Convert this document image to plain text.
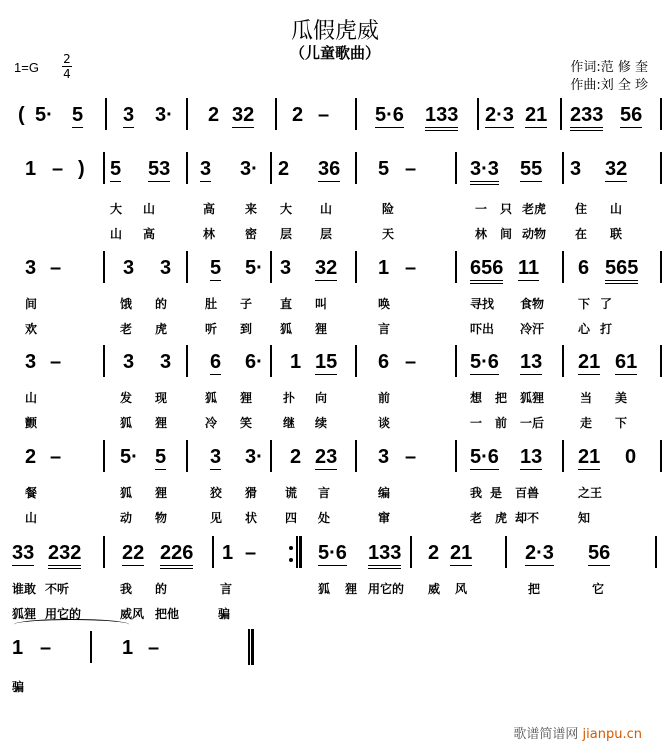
瓜假虎威
（儿童歌曲）
1=G
2
4	作词:范 修 奎
作曲:刘 全 珍
( 5· 5 3 3· 2 32 2 – 5·6 133 2·3 21 233 56
1 – ) 5 53 3 3· 2 36 5 –	3·3 55 3 32
大 山	高 来 大 山	险	一 只 老虎 住 山
山 高	林 密 层 层	天	林 间 动物 在 联
3 –	3 3 5 5· 3 32 1 –	656 11 6 565
间	饿 的	肚 子 直 叫	唤	寻找 食物	下 了
欢	老 虎	听 到 狐 狸	言	吓出 冷汗	心 打
3 –	3 3 6 6· 1 15 6 –	5·6 13 21 61
山	发 现	狐 狸	扑 向	前	想 把 狐狸	当 美
颤	狐 狸	冷 笑	继 续	谈	一 前 一后	走 下
2 –	5· 5 3 3· 2 23 3 –	5·6 13 21 0
餐	狐 狸	狡 猾 谎 言	编	我 是 百兽	之王
山	动 物	见 状 四 处	窜	老 虎 却不	知
33 232 22 226 1 –	5·6 133 2 21	2·3 56
谁敢 不听	我 的	言	狐 狸 用它的 威 风	把	它
狐狸 用它的	威风 把他	骗
1 –	1 –
骗
歌谱简谱网 jianpu.cn
